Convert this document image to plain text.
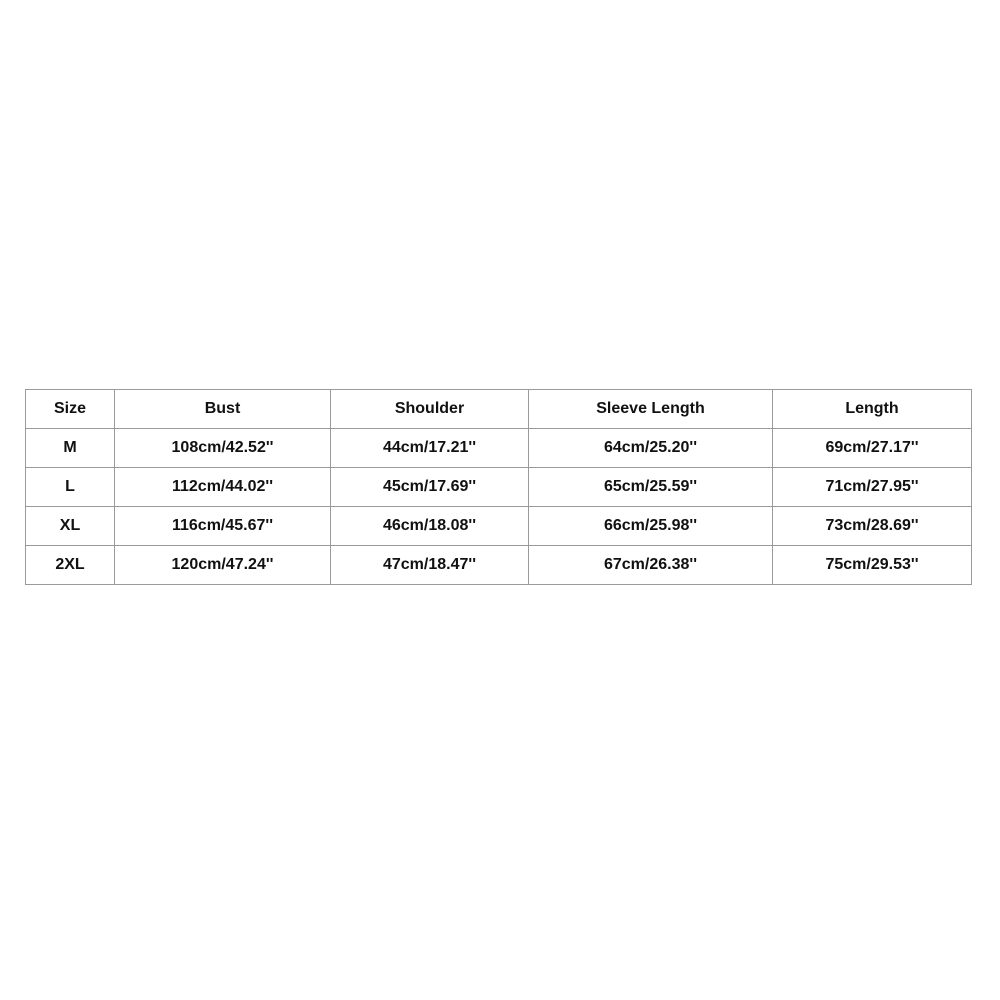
Size	Bust	Shoulder	Sleeve Length	Length
M	108cm/42.52''	44cm/17.21''	64cm/25.20''	69cm/27.17''
L	112cm/44.02''	45cm/17.69''	65cm/25.59''	71cm/27.95''
XL	116cm/45.67''	46cm/18.08''	66cm/25.98''	73cm/28.69''
2XL	120cm/47.24''	47cm/18.47''	67cm/26.38''	75cm/29.53''
